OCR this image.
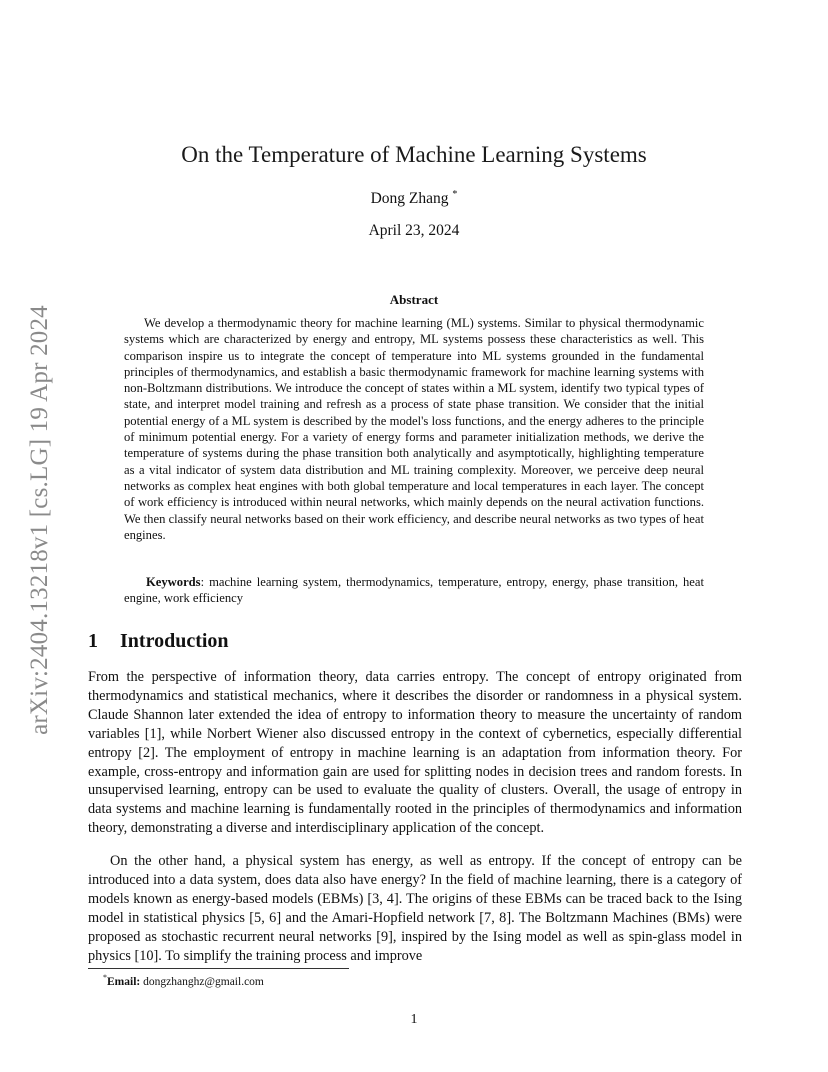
arXiv:2404.13218v1 [cs.LG] 19 Apr 2024
On the Temperature of Machine Learning Systems
Dong Zhang *
April 23, 2024
Abstract

We develop a thermodynamic theory for machine learning (ML) systems. Similar to physical thermodynamic systems which are characterized by energy and entropy, ML systems possess these characteristics as well. This comparison inspire us to integrate the concept of temperature into ML systems grounded in the fundamental principles of thermodynamics, and establish a basic thermodynamic framework for machine learning systems with non-Boltzmann distributions. We introduce the concept of states within a ML system, identify two typical types of state, and interpret model training and refresh as a process of state phase transition. We consider that the initial potential energy of a ML system is described by the model's loss functions, and the energy adheres to the principle of minimum potential energy. For a variety of energy forms and parameter initialization methods, we derive the temperature of systems during the phase transition both analytically and asymptotically, highlighting temperature as a vital indicator of system data distribution and ML training complexity. Moreover, we perceive deep neural networks as complex heat engines with both global temperature and local temperatures in each layer. The concept of work efficiency is introduced within neural networks, which mainly depends on the neural activation functions. We then classify neural networks based on their work efficiency, and describe neural networks as two types of heat engines.

Keywords: machine learning system, thermodynamics, temperature, entropy, energy, phase transition, heat engine, work efficiency

1 Introduction

From the perspective of information theory, data carries entropy. The concept of entropy originated from thermodynamics and statistical mechanics, where it describes the disorder or randomness in a physical system. Claude Shannon later extended the idea of entropy to information theory to measure the uncertainty of random variables [1], while Norbert Wiener also discussed entropy in the context of cybernetics, especially differential entropy [2]. The employment of entropy in machine learning is an adaptation from information theory. For example, cross-entropy and information gain are used for splitting nodes in decision trees and random forests. In unsupervised learning, entropy can be used to evaluate the quality of clusters. Overall, the usage of entropy in data systems and machine learning is fundamentally rooted in the principles of thermodynamics and information theory, demonstrating a diverse and interdisciplinary application of the concept.

On the other hand, a physical system has energy, as well as entropy. If the concept of entropy can be introduced into a data system, does data also have energy? In the field of machine learning, there is a category of models known as energy-based models (EBMs) [3, 4]. The origins of these EBMs can be traced back to the Ising model in statistical physics [5, 6] and the Amari-Hopfield network [7, 8]. The Boltzmann Machines (BMs) were proposed as stochastic recurrent neural networks [9], inspired by the Ising model as well as spin-glass model in physics [10]. To simplify the training process and improve

*Email: dongzhanghz@gmail.com
1
